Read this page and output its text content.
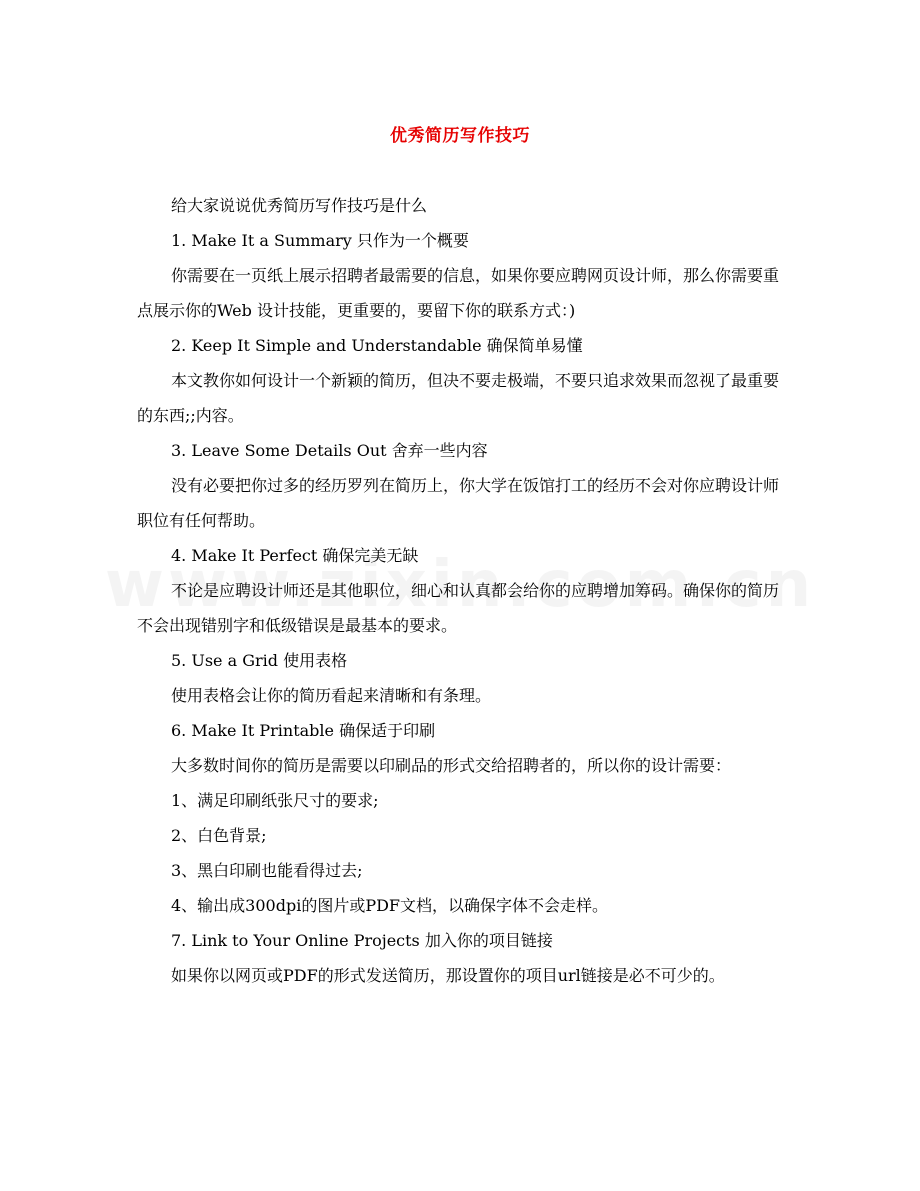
优秀简历写作技巧

给大家说说优秀简历写作技巧是什么

1. Make It a Summary 只作为一个概要

你需要在一页纸上展示招聘者最需要的信息，如果你要应聘网页设计师，那么你需要重点展示你的Web 设计技能，更重要的，要留下你的联系方式：)

2. Keep It Simple and Understandable 确保简单易懂

本文教你如何设计一个新颖的简历，但决不要走极端，不要只追求效果而忽视了最重要的东西;;内容。

3. Leave Some Details Out 舍弃一些内容

没有必要把你过多的经历罗列在简历上，你大学在饭馆打工的经历不会对你应聘设计师职位有任何帮助。

4. Make It Perfect 确保完美无缺

不论是应聘设计师还是其他职位，细心和认真都会给你的应聘增加筹码。确保你的简历不会出现错别字和低级错误是最基本的要求。

5. Use a Grid 使用表格

使用表格会让你的简历看起来清晰和有条理。

6. Make It Printable 确保适于印刷

大多数时间你的简历是需要以印刷品的形式交给招聘者的，所以你的设计需要：

1、满足印刷纸张尺寸的要求;

2、白色背景;

3、黑白印刷也能看得过去;

4、输出成300dpi的图片或PDF文档，以确保字体不会走样。

7. Link to Your Online Projects 加入你的项目链接

如果你以网页或PDF的形式发送简历，那设置你的项目url链接是必不可少的。
